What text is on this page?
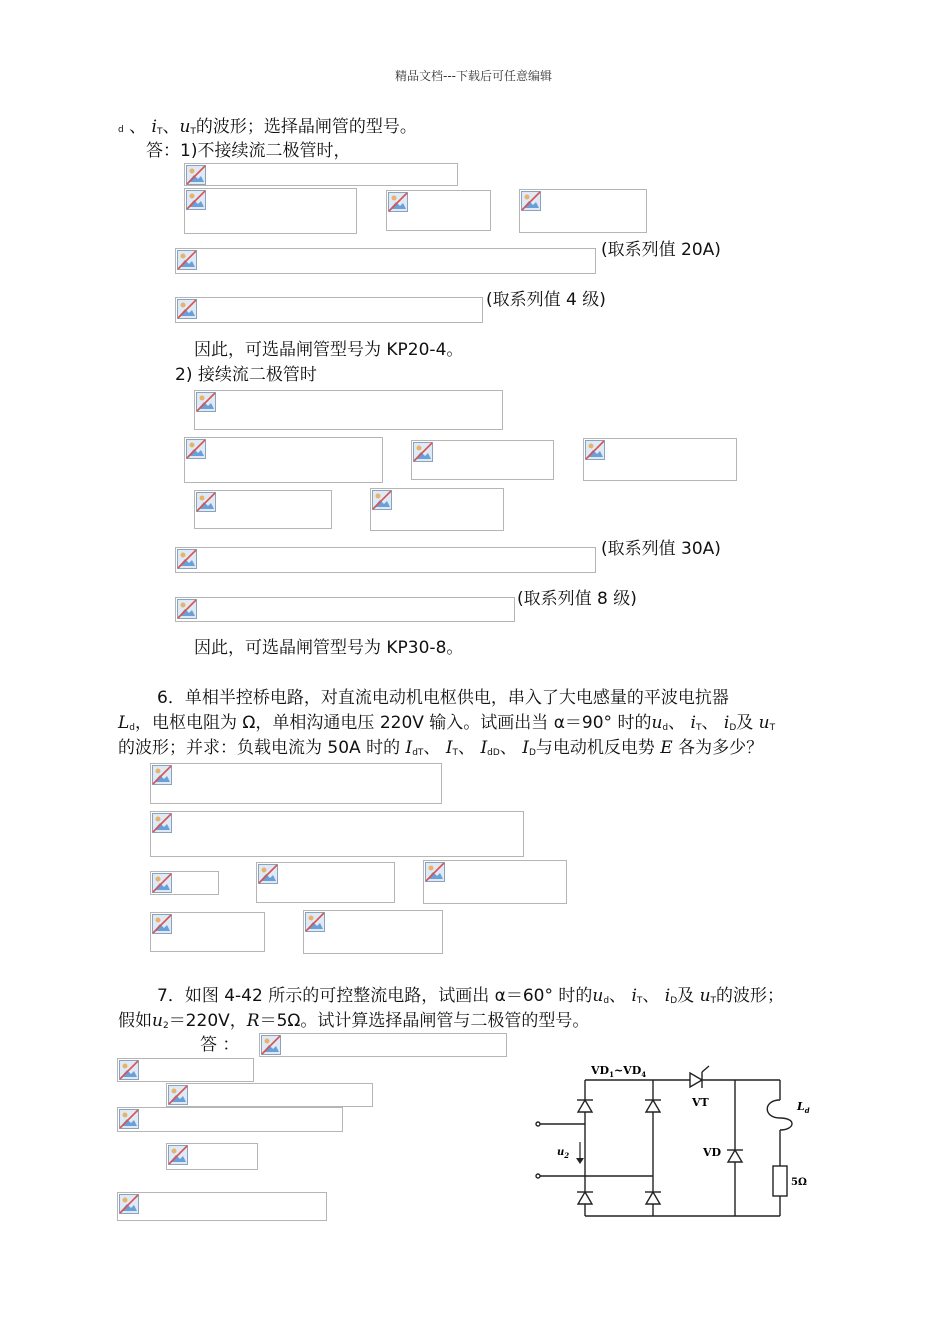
精品文档---下载后可任意编辑
d 、 $i_T$、$u_T$的波形；选择晶闸管的型号。
答：1)不接续流二极管时，
(取系列值 20A)
(取系列值 4 级)
因此，可选晶闸管型号为 KP20-4。
2) 接续流二极管时
(取系列值 30A)
(取系列值 8 级)
因此，可选晶闸管型号为 KP30-8。
6．单相半控桥电路，对直流电动机电枢供电，串入了大电感量的平波电抗器
$L_d$，电枢电阻为 Ω，单相沟通电压 220V 输入。试画出当 α＝90° 时的$u_d$、 $i_T$、 $i_D$及 $u_T$
的波形；并求：负载电流为 50A 时的 $I_{dT}$、 $I_T$、 $I_{dD}$、 $I_D$与电动机反电势 E 各为多少？
7．如图 4-42 所示的可控整流电路，试画出 α＝60° 时的$u_d$、 $i_T$、 $i_D$及 $u_T$的波形；
假如$u_2=220V$，R＝5Ω。试计算选择晶闸管与二极管的型号。
答 ：
$VD_1\sim VD_4$
VT
VD
$L_d$
$u_2$
5Ω
